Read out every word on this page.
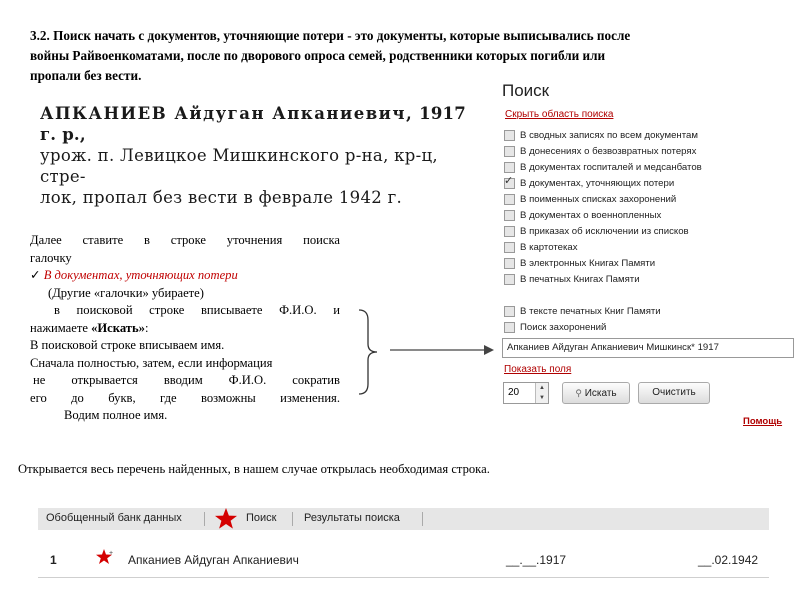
3.2. Поиск начать с документов, уточняющие потери - это документы, которые выписывались после
войны Райвоенкоматами, после по дворового опроса семей, родственники которых погибли или
пропали без вести.
АПКАНИЕВ Айдуган Апканиевич, 1917 г. р.,
урож. п. Левицкое Мишкинского р-на, кр-ц, стре-
лок, пропал без вести в феврале 1942 г.
Далее ставите в строке уточнения поиска
галочку
✓ В документах, уточняющих потери
(Другие «галочки» убираете)
в поисковой строке вписываете Ф.И.О. и
нажимаете «Искать»:
В поисковой строке вписываем имя.
Сначала полностью, затем, если информация
не открывается вводим Ф.И.О. сократив
его до букв, где возможны изменения.
Водим полное имя.
Поиск
Скрыть область поиска
В сводных записях по всем документам
В донесениях о безвозвратных потерях
В документах госпиталей и медсанбатов
✓
В документах, уточняющих потери
В поименных списках захоронений
В документах о военнопленных
В приказах об исключении из списков
В картотеках
В электронных Книгах Памяти
В печатных Книгах Памяти
В тексте печатных Книг Памяти
Поиск захоронений
Апканиев Айдуган Апканиевич Мишкинск* 1917
Показать поля
20	▲
▼	⚲ Искать	Очистить
Помощь
Открывается весь перечень найденных, в нашем случае открылась необходимая строка.
Обобщенный банк данных	Поиск	Результаты поиска
1	+ Апканиев Айдуган Апканиевич	__.__.1917	__.02.1942
